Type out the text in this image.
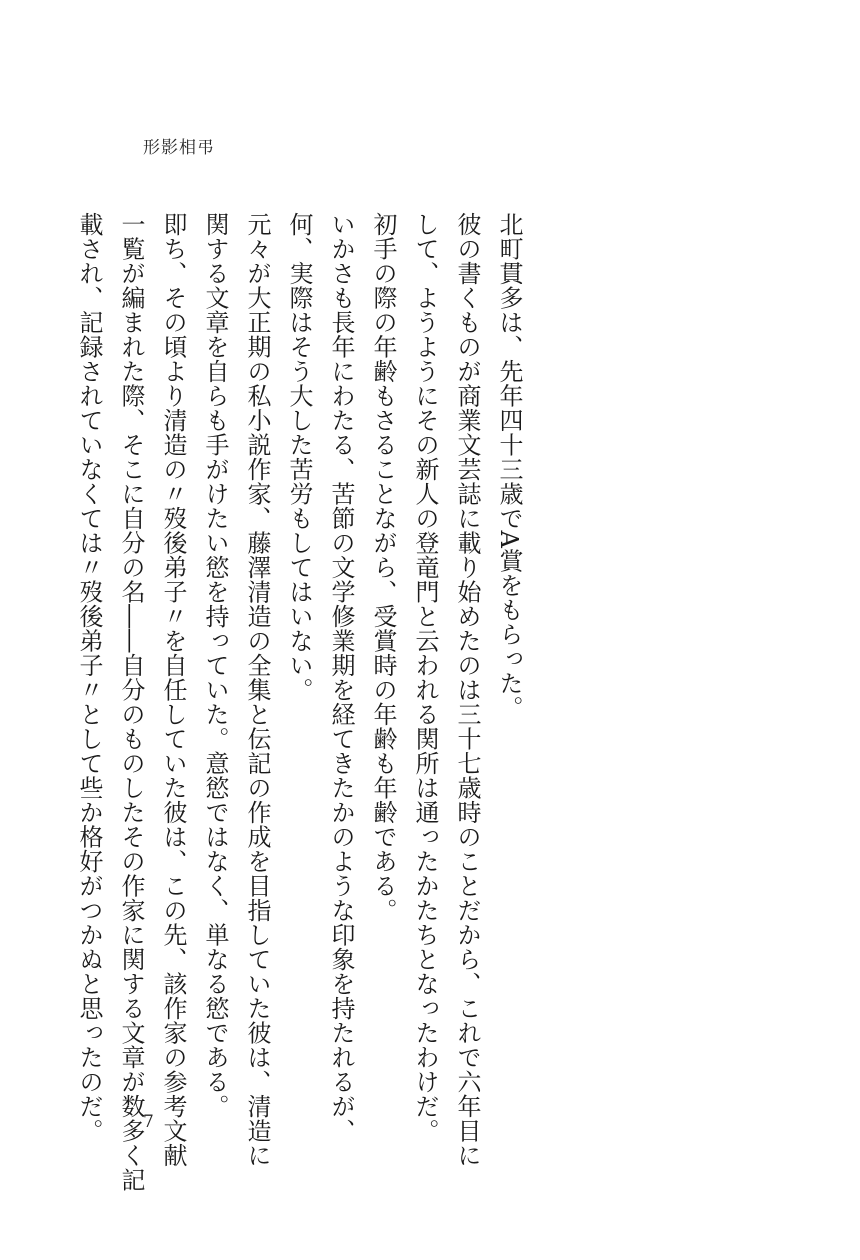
形影相弔
北町貫多は、先年四十三歳でA賞をもらった。
彼の書くものが商業文芸誌に載り始めたのは三十七歳時のことだから、これで六年目に
して、ようようにその新人の登竜門と云われる関所は通ったかたちとなったわけだ。
初手の際の年齢もさることながら、受賞時の年齢も年齢である。
いかさも長年にわたる、苦節の文学修業期を経てきたかのような印象を持たれるが、
何、実際はそう大した苦労もしてはいない。
元々が大正期の私小説作家、藤澤清造の全集と伝記の作成を目指していた彼は、清造に
関する文章を自らも手がけたい慾を持っていた。意慾ではなく、単なる慾である。
即ち、その頃より清造の〃歿後弟子〃を自任していた彼は、この先、該作家の参考文献
一覧が編まれた際、そこに自分の名――自分のものしたその作家に関する文章が数多く記
載され、記録されていなくては〃歿後弟子〃として些か格好がつかぬと思ったのだ。	7
